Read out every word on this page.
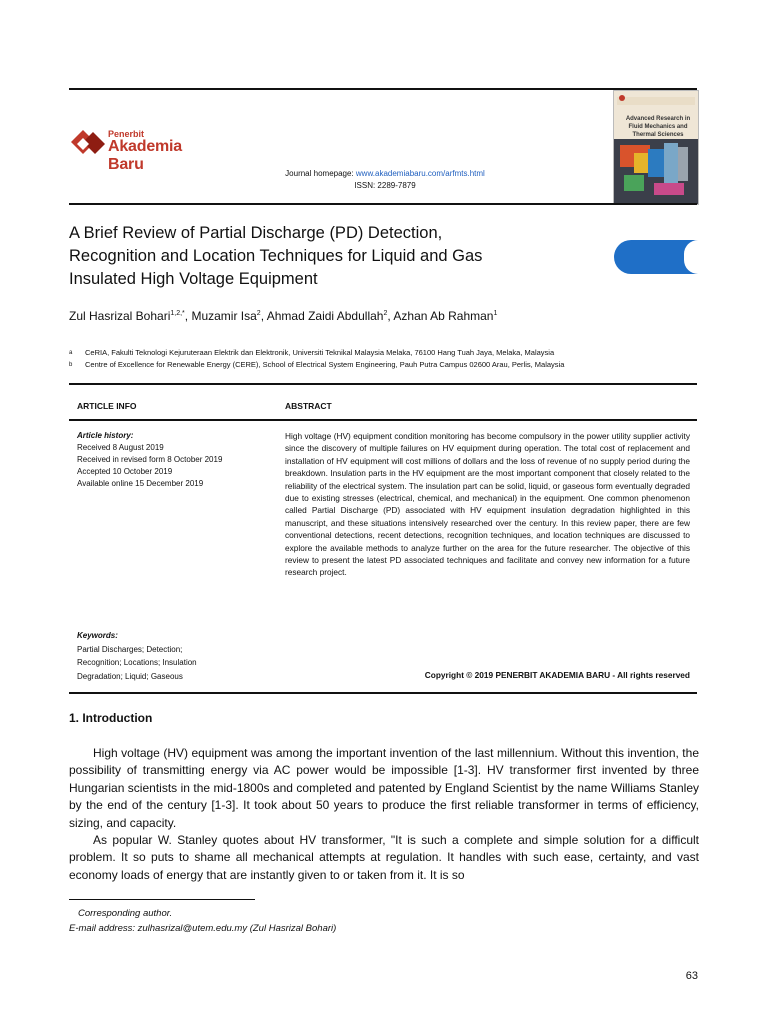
Penerbit
Akademia Baru
Journal homepage: www.akademiabaru.com/arfmts.html
ISSN: 2289-7879
Advanced Research in Fluid Mechanics and Thermal Sciences
A Brief Review of Partial Discharge (PD) Detection,
Recognition and Location Techniques for Liquid and Gas
Insulated High Voltage Equipment
Zul Hasrizal Bohari$^{1,2,*}$, Muzamir Isa$^2$, Ahmad Zaidi Abdullah$^2$, Azhan Ab Rahman$^1$
a CeRIA, Fakulti Teknologi Kejuruteraan Elektrik dan Elektronik, Universiti Teknikal Malaysia Melaka, 76100 Hang Tuah Jaya, Melaka, Malaysia
b Centre of Excellence for Renewable Energy (CERE), School of Electrical System Engineering, Pauh Putra Campus 02600 Arau, Perlis, Malaysia
ARTICLE INFO	ABSTRACT
Article history:
Received 8 August 2019
Received in revised form 8 October 2019
Accepted 10 October 2019
Available online 15 December 2019
Keywords:
Partial Discharges; Detection;
Recognition; Locations; Insulation
Degradation; Liquid; Gaseous
High voltage (HV) equipment condition monitoring has become compulsory in the power utility supplier activity since the discovery of multiple failures on HV equipment during operation. The total cost of replacement and installation of HV equipment will cost millions of dollars and the loss of revenue of no supply period during the breakdown. Insulation parts in the HV equipment are the most important component that closely related to the reliability of the electrical system. The insulation part can be solid, liquid, or gaseous form eventually degraded due to existing stresses (electrical, chemical, and mechanical) in the equipment. One common phenomenon called Partial Discharge (PD) associated with HV equipment insulation degradation highlighted in this manuscript, and these situations intensively researched over the century. In this review paper, there are few conventional detections, recent detections, recognition techniques, and location techniques are discussed to explore the available methods to analyze further on the area for the future researcher. The objective of this review to present the latest PD associated techniques and facilitate and convey new information for a future research project.
Copyright © 2019 PENERBIT AKADEMIA BARU - All rights reserved
1. Introduction
High voltage (HV) equipment was among the important invention of the last millennium. Without this invention, the possibility of transmitting energy via AC power would be impossible [1-3]. HV transformer first invented by three Hungarian scientists in the mid-1800s and completed and patented by England Scientist by the name Williams Stanley by the end of the century [1-3]. It took about 50 years to produce the first reliable transformer in terms of efficiency, sizing, and capacity.
As popular W. Stanley quotes about HV transformer, "It is such a complete and simple solution for a difficult problem. It so puts to shame all mechanical attempts at regulation. It handles with such ease, certainty, and vast economy loads of energy that are instantly given to or taken from it. It is so
Corresponding author.
E-mail address: zulhasrizal@utem.edu.my (Zul Hasrizal Bohari)
63
